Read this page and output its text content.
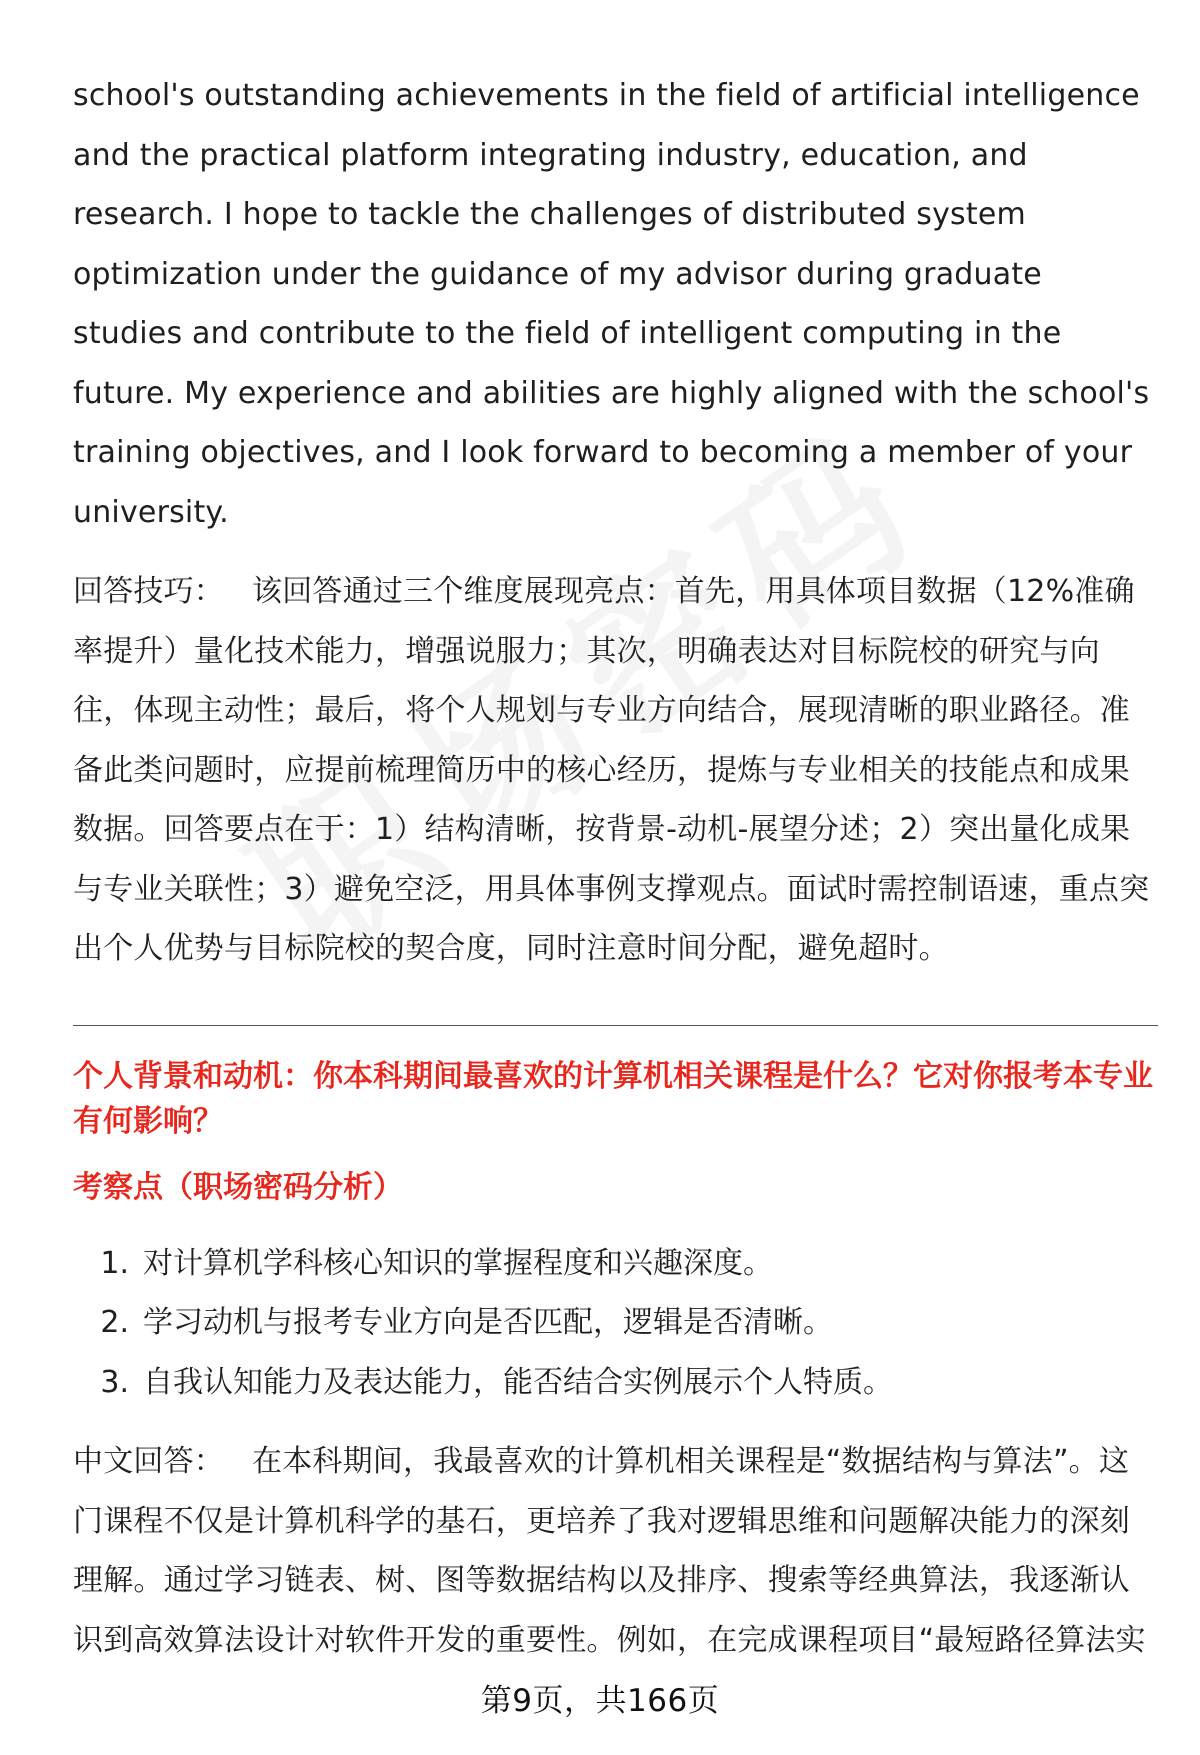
school's outstanding achievements in the field of artificial intelligence and the practical platform integrating industry, education, and research. I hope to tackle the challenges of distributed system optimization under the guidance of my advisor during graduate studies and contribute to the field of intelligent computing in the future. My experience and abilities are highly aligned with the school's training objectives, and I look forward to becoming a member of your university.

回答技巧： 该回答通过三个维度展现亮点：首先，用具体项目数据（12%准确率提升）量化技术能力，增强说服力；其次，明确表达对目标院校的研究与向往，体现主动性；最后，将个人规划与专业方向结合，展现清晰的职业路径。准备此类问题时，应提前梳理简历中的核心经历，提炼与专业相关的技能点和成果数据。回答要点在于：1）结构清晰，按背景-动机-展望分述；2）突出量化成果与专业关联性；3）避免空泛，用具体事例支撑观点。面试时需控制语速，重点突出个人优势与目标院校的契合度，同时注意时间分配，避免超时。

个人背景和动机：你本科期间最喜欢的计算机相关课程是什么？它对你报考本专业有何影响？

考察点（职场密码分析）

1. 对计算机学科核心知识的掌握程度和兴趣深度。
2. 学习动机与报考专业方向是否匹配，逻辑是否清晰。
3. 自我认知能力及表达能力，能否结合实例展示个人特质。

中文回答： 在本科期间，我最喜欢的计算机相关课程是“数据结构与算法”。这门课程不仅是计算机科学的基石，更培养了我对逻辑思维和问题解决能力的深刻理解。通过学习链表、树、图等数据结构以及排序、搜索等经典算法，我逐渐认识到高效算法设计对软件开发的重要性。例如，在完成课程项目“最短路径算法实

第9页，共166页
